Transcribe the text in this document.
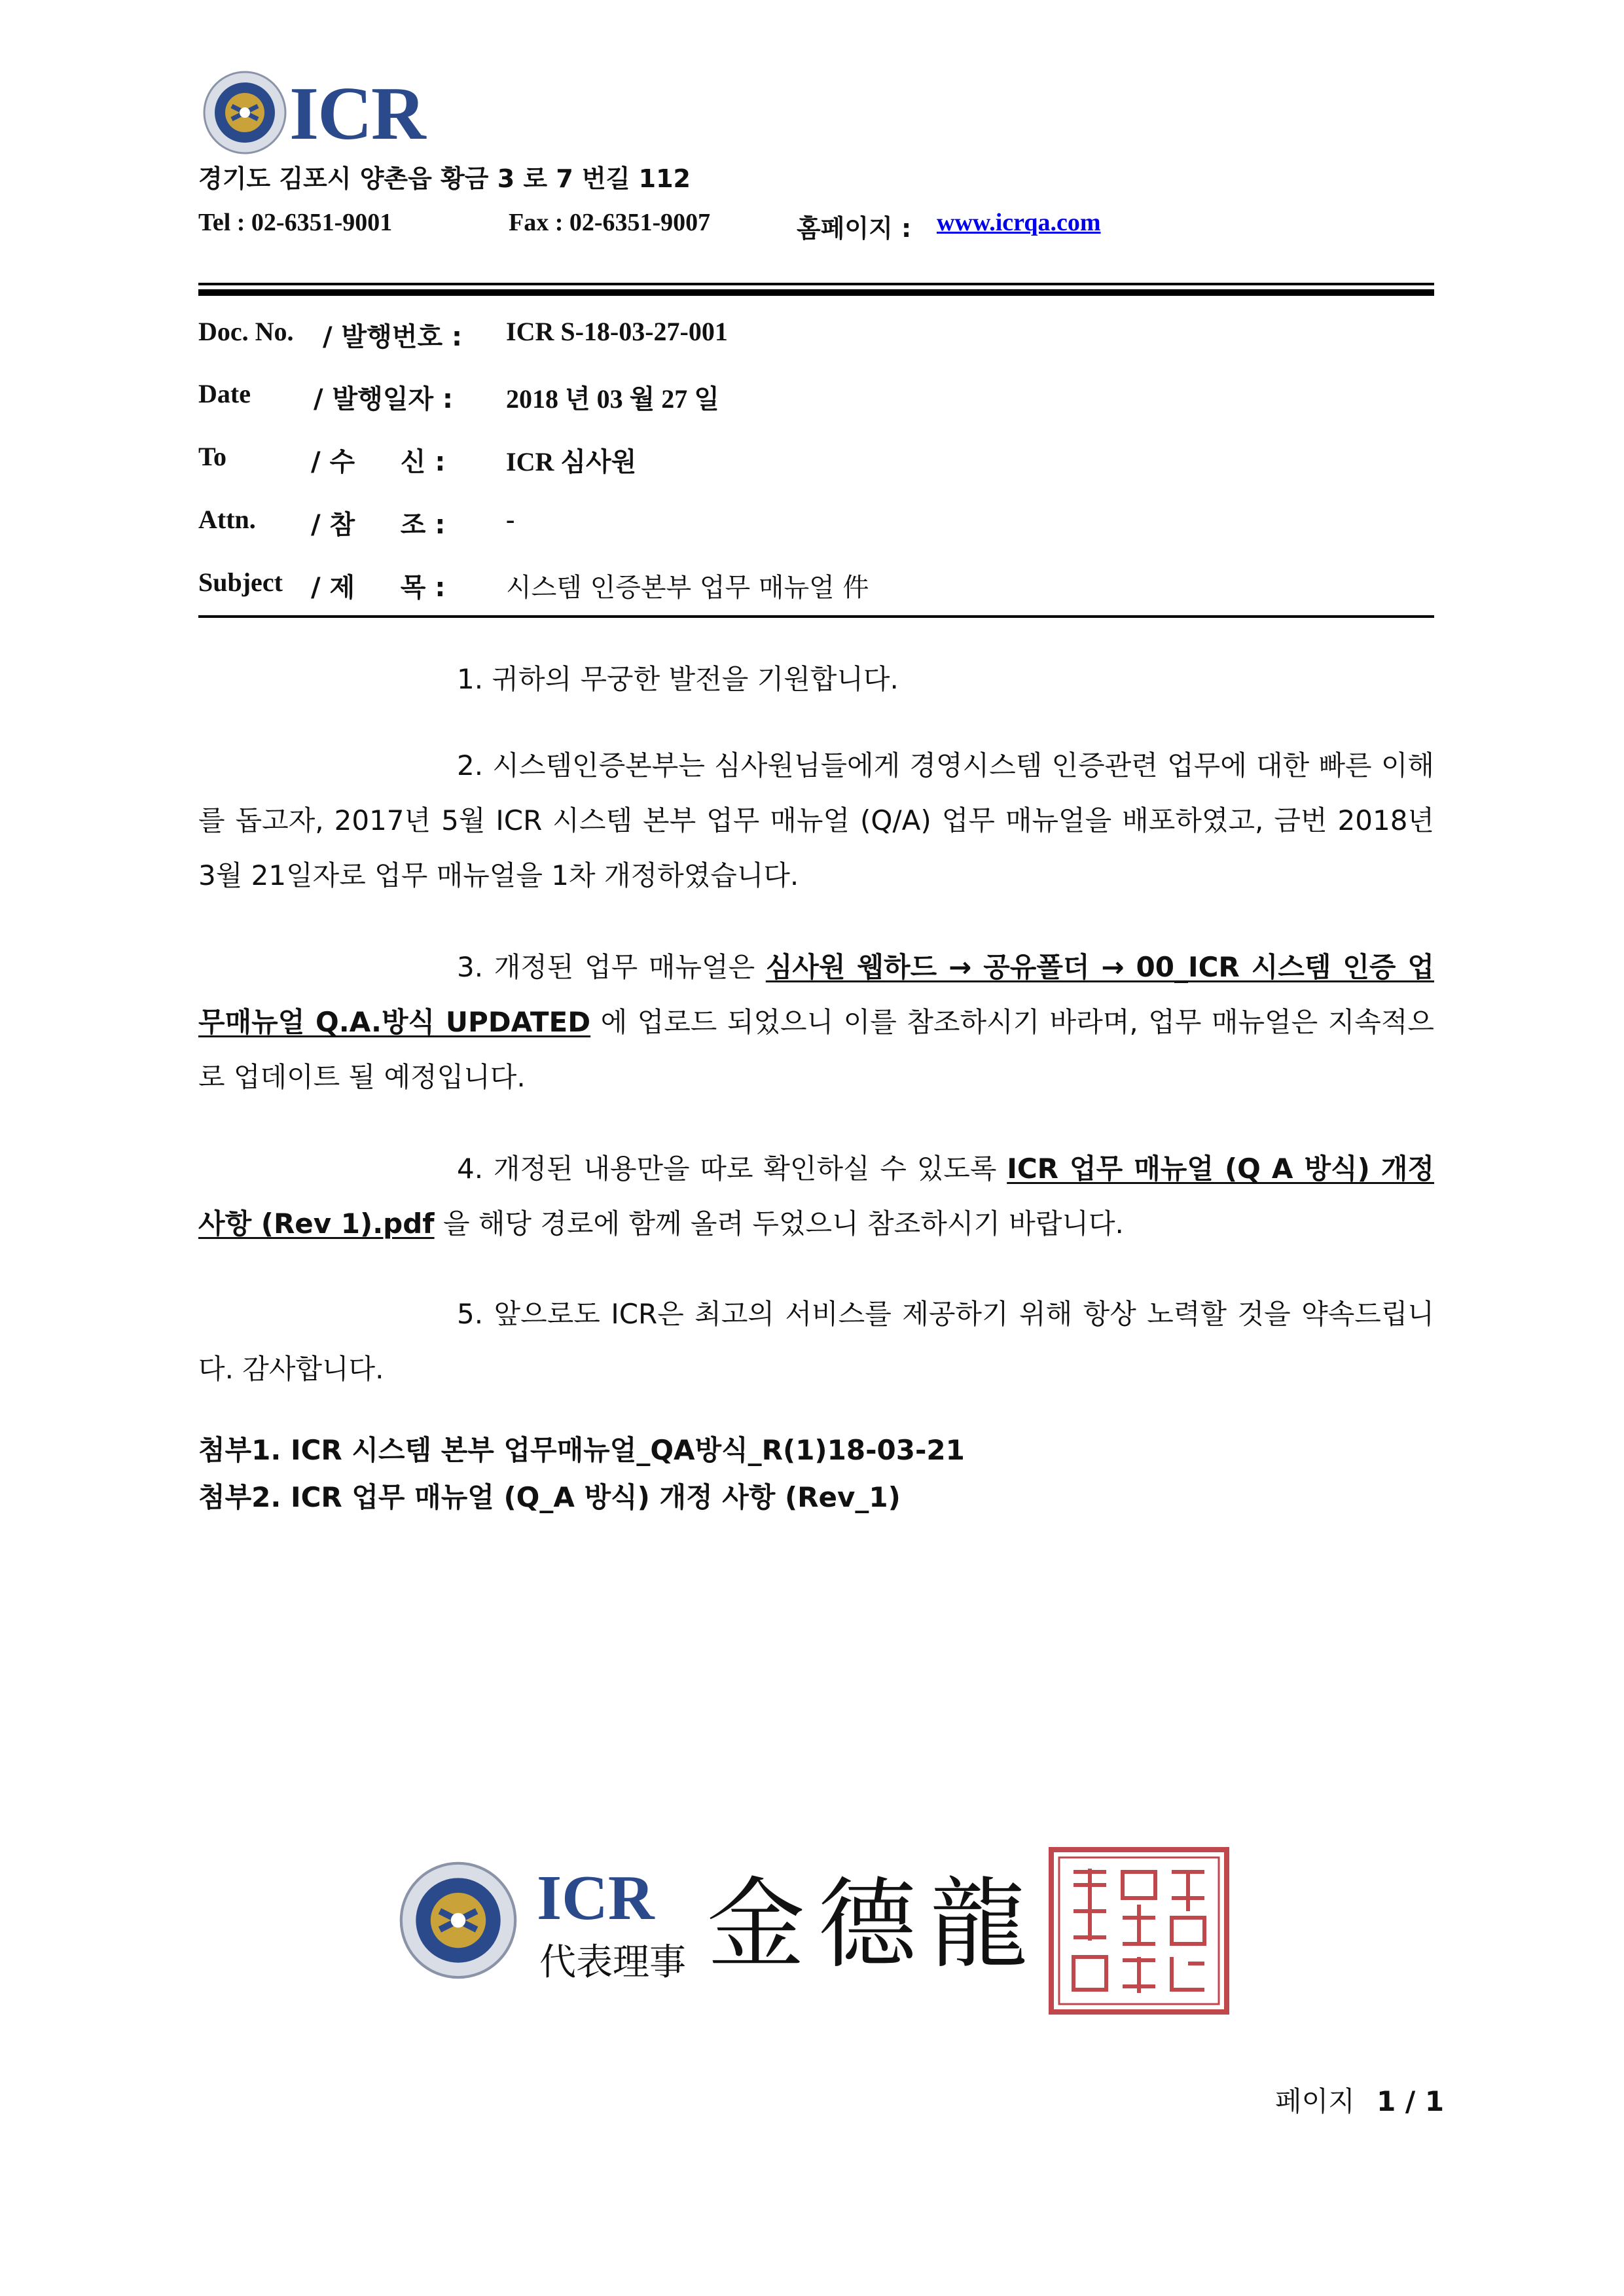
ICR
경기도 김포시 양촌읍 황금 3 로 7 번길 112
Tel : 02-6351-9001	Fax : 02-6351-9007	홈페이지 : www.icrqa.com
Doc. No. / 발행번호 : ICR S-18-03-27-001
Date / 발행일자 : 2018 년 03 월 27 일
To	/ 수     신 : ICR 심사원
Attn. / 참     조 : -
Subject / 제     목 : 시스템 인증본부 업무 매뉴얼 件

1. 귀하의 무궁한 발전을 기원합니다.

2. 시스템인증본부는 심사원님들에게 경영시스템 인증관련 업무에 대한 빠른 이해를 돕고자, 2017년 5월 ICR 시스템 본부 업무 매뉴얼 (Q/A) 업무 매뉴얼을 배포하였고, 금번 2018년 3월 21일자로 업무 매뉴얼을 1차 개정하였습니다.

3. 개정된 업무 매뉴얼은 심사원 웹하드 → 공유폴더 → 00_ICR 시스템 인증 업무매뉴얼 Q.A.방식 UPDATED 에 업로드 되었으니 이를 참조하시기 바라며, 업무 매뉴얼은 지속적으로 업데이트 될 예정입니다.

4. 개정된 내용만을 따로 확인하실 수 있도록 ICR 업무 매뉴얼 (Q A 방식) 개정 사항 (Rev 1).pdf 을 해당 경로에 함께 올려 두었으니 참조하시기 바랍니다.

5. 앞으로도 ICR은 최고의 서비스를 제공하기 위해 항상 노력할 것을 약속드립니다. 감사합니다.

첨부1. ICR 시스템 본부 업무매뉴얼_QA방식_R(1)18-03-21
첨부2. ICR 업무 매뉴얼 (Q_A 방식) 개정 사항 (Rev_1)
ICR
代表理事 金德龍
페이지 1 / 1
